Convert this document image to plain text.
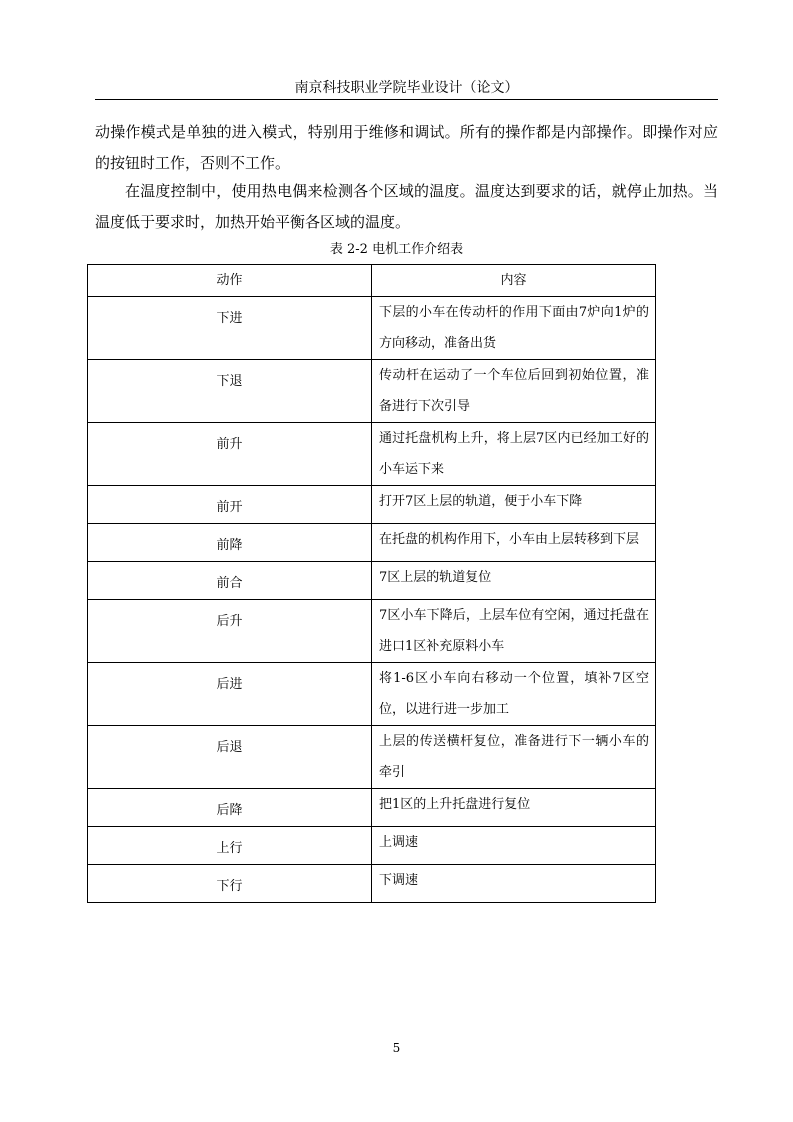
南京科技职业学院毕业设计（论文）

动操作模式是单独的进入模式，特别用于维修和调试。所有的操作都是内部操作。即操作对应的按钮时工作，否则不工作。

在温度控制中，使用热电偶来检测各个区域的温度。温度达到要求的话，就停止加热。当温度低于要求时，加热开始平衡各区域的温度。

表 2-2 电机工作介绍表
动作	内容
下进	下层的小车在传动杆的作用下面由7炉向1炉的方向移动，准备出货
下退	传动杆在运动了一个车位后回到初始位置，准备进行下次引导
前升	通过托盘机构上升，将上层7区内已经加工好的小车运下来
前开	打开7区上层的轨道，便于小车下降
前降	在托盘的机构作用下，小车由上层转移到下层
前合	7区上层的轨道复位
后升	7区小车下降后，上层车位有空闲，通过托盘在进口1区补充原料小车
后进	将1-6区小车向右移动一个位置，填补7区空位，以进行进一步加工
后退	上层的传送横杆复位，准备进行下一辆小车的牵引
后降	把1区的上升托盘进行复位
上行	上调速
下行	下调速
5
